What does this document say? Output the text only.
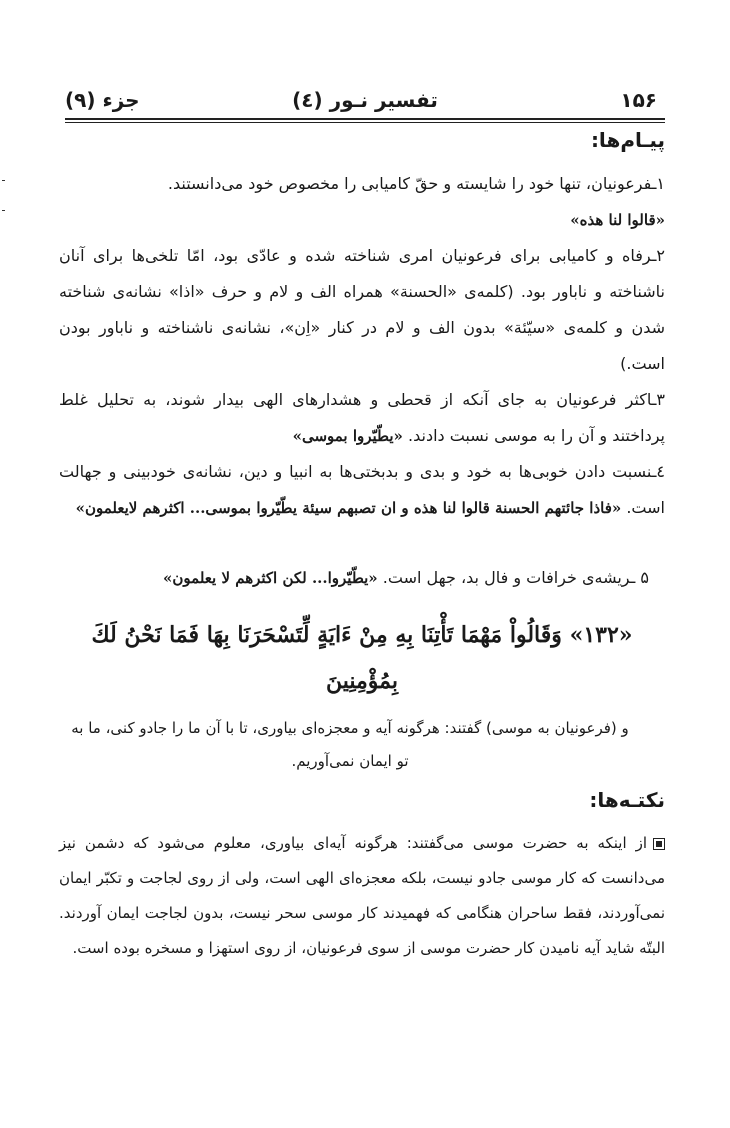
۱۵۶
تفسیر نـور (٤)
جزء (۹)
پیـام‌ها:
۱ـفرعونیان، تنها خود را شایسته و حقّ کامیابی را مخصوص خود می‌دانستند.
«قالوا لنا هذه»
۲ـرفاه و کامیابی برای فرعونیان امری شناخته شده و عادّی بود، امّا تلخی‌ها برای آنان ناشناخته و ناباور بود. (کلمه‌ی «الحسنة» همراه الف و لام و حرف «اذا» نشانه‌ی شناخته شدن و کلمه‌ی «سیّئة» بدون الف و لام در کنار «اِن»، نشانه‌ی ناشناخته و ناباور بودن است.)
۳ـاکثر فرعونیان به جای آنکه از قحطی و هشدارهای الهی بیدار شوند، به تحلیل غلط پرداختند و آن را به موسی نسبت دادند. «یطّیّروا بموسی»
٤ـنسبت دادن خوبی‌ها به خود و بدی و بدبختی‌ها به انبیا و دین، نشانه‌ی خودبینی و جهالت است. «فاذا جائتهم الحسنة قالوا لنا هذه و ان تصبهم سیئة یطّیّروا بموسی... اکثرهم لایعلمون»
۵ ـریشه‌ی خرافات و فال بد، جهل است. «یطّیّروا... لکن اکثرهم لا یعلمون»
«۱۳۲» وَقَالُواْ مَهْمَا تَأْتِنَا بِهِ مِنْ ءَايَةٍ لِّتَسْحَرَنَا بِهَا فَمَا نَحْنُ لَكَ بِمُؤْمِنِينَ
و (فرعونیان به موسی) گفتند: هرگونه آیه و معجزه‌ای بیاوری، تا با آن ما را جادو کنی، ما به تو ایمان نمی‌آوریم.
نکتـه‌ها:
از اینکه به حضرت موسی می‌گفتند: هرگونه آیه‌ای بیاوری، معلوم می‌شود که دشمن نیز می‌دانست که کار موسی جادو نیست، بلکه معجزه‌ای الهی است، ولی از روی لجاجت و تکبّر ایمان نمی‌آوردند، فقط ساحران هنگامی که فهمیدند کار موسی سحر نیست، بدون لجاجت ایمان آوردند. البتّه شاید آیه نامیدن کار حضرت موسی از سوی فرعونیان، از روی استهزا و مسخره بوده است.
